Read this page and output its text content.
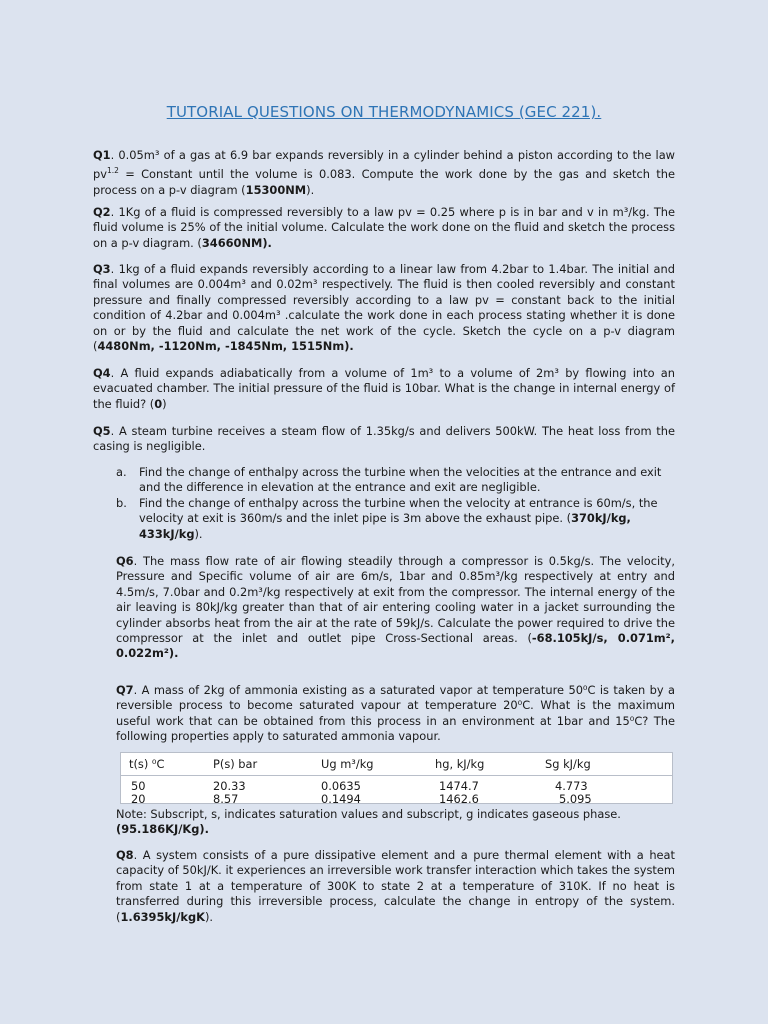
TUTORIAL QUESTIONS ON THERMODYNAMICS (GEC 221).
Q1. 0.05m³ of a gas at 6.9 bar expands reversibly in a cylinder behind a piston according to the law $pv^{1.2}$ = Constant until the volume is 0.083. Compute the work done by the gas and sketch the process on a p-v diagram (15300NM).
Q2. 1Kg of a fluid is compressed reversibly to a law pv = 0.25 where p is in bar and v in m³/kg. The fluid volume is 25% of the initial volume. Calculate the work done on the fluid and sketch the process on a p-v diagram. (34660NM).
Q3. 1kg of a fluid expands reversibly according to a linear law from 4.2bar to 1.4bar. The initial and final volumes are 0.004m³ and 0.02m³ respectively. The fluid is then cooled reversibly and constant pressure and finally compressed reversibly according to a law pv = constant back to the initial condition of 4.2bar and 0.004m³ .calculate the work done in each process stating whether it is done on or by the fluid and calculate the net work of the cycle. Sketch the cycle on a p-v diagram (4480Nm, -1120Nm, -1845Nm, 1515Nm).
Q4. A fluid expands adiabatically from a volume of 1m³ to a volume of 2m³ by flowing into an evacuated chamber. The initial pressure of the fluid is 10bar. What is the change in internal energy of the fluid? (0)
Q5. A steam turbine receives a steam flow of 1.35kg/s and delivers 500kW. The heat loss from the casing is negligible.
a. Find the change of enthalpy across the turbine when the velocities at the entrance and exit and the difference in elevation at the entrance and exit are negligible.
b. Find the change of enthalpy across the turbine when the velocity at entrance is 60m/s, the velocity at exit is 360m/s and the inlet pipe is 3m above the exhaust pipe. (370kJ/kg, 433kJ/kg).
Q6. The mass flow rate of air flowing steadily through a compressor is 0.5kg/s. The velocity, Pressure and Specific volume of air are 6m/s, 1bar and 0.85m³/kg respectively at entry and 4.5m/s, 7.0bar and 0.2m³/kg respectively at exit from the compressor. The internal energy of the air leaving is 80kJ/kg greater than that of air entering cooling water in a jacket surrounding the cylinder absorbs heat from the air at the rate of 59kJ/s. Calculate the power required to drive the compressor at the inlet and outlet pipe Cross-Sectional areas. (-68.105kJ/s, 0.071m², 0.022m²).
Q7. A mass of 2kg of ammonia existing as a saturated vapor at temperature 50⁰C is taken by a reversible process to become saturated vapour at temperature 20⁰C. What is the maximum useful work that can be obtained from this process in an environment at 1bar and 15⁰C? The following properties apply to saturated ammonia vapour.
t(s) ⁰C	P(s) bar	Ug m³/kg	hg, kJ/kg	Sg kJ/kg
50	20.33	0.0635	1474.7	4.773
20	8.57	0.1494	1462.6	5.095
Note: Subscript, s, indicates saturation values and subscript, g indicates gaseous phase.
(95.186KJ/Kg).
Q8. A system consists of a pure dissipative element and a pure thermal element with a heat capacity of 50kJ/K. it experiences an irreversible work transfer interaction which takes the system from state 1 at a temperature of 300K to state 2 at a temperature of 310K. If no heat is transferred during this irreversible process, calculate the change in entropy of the system. (1.6395kJ/kgK).
